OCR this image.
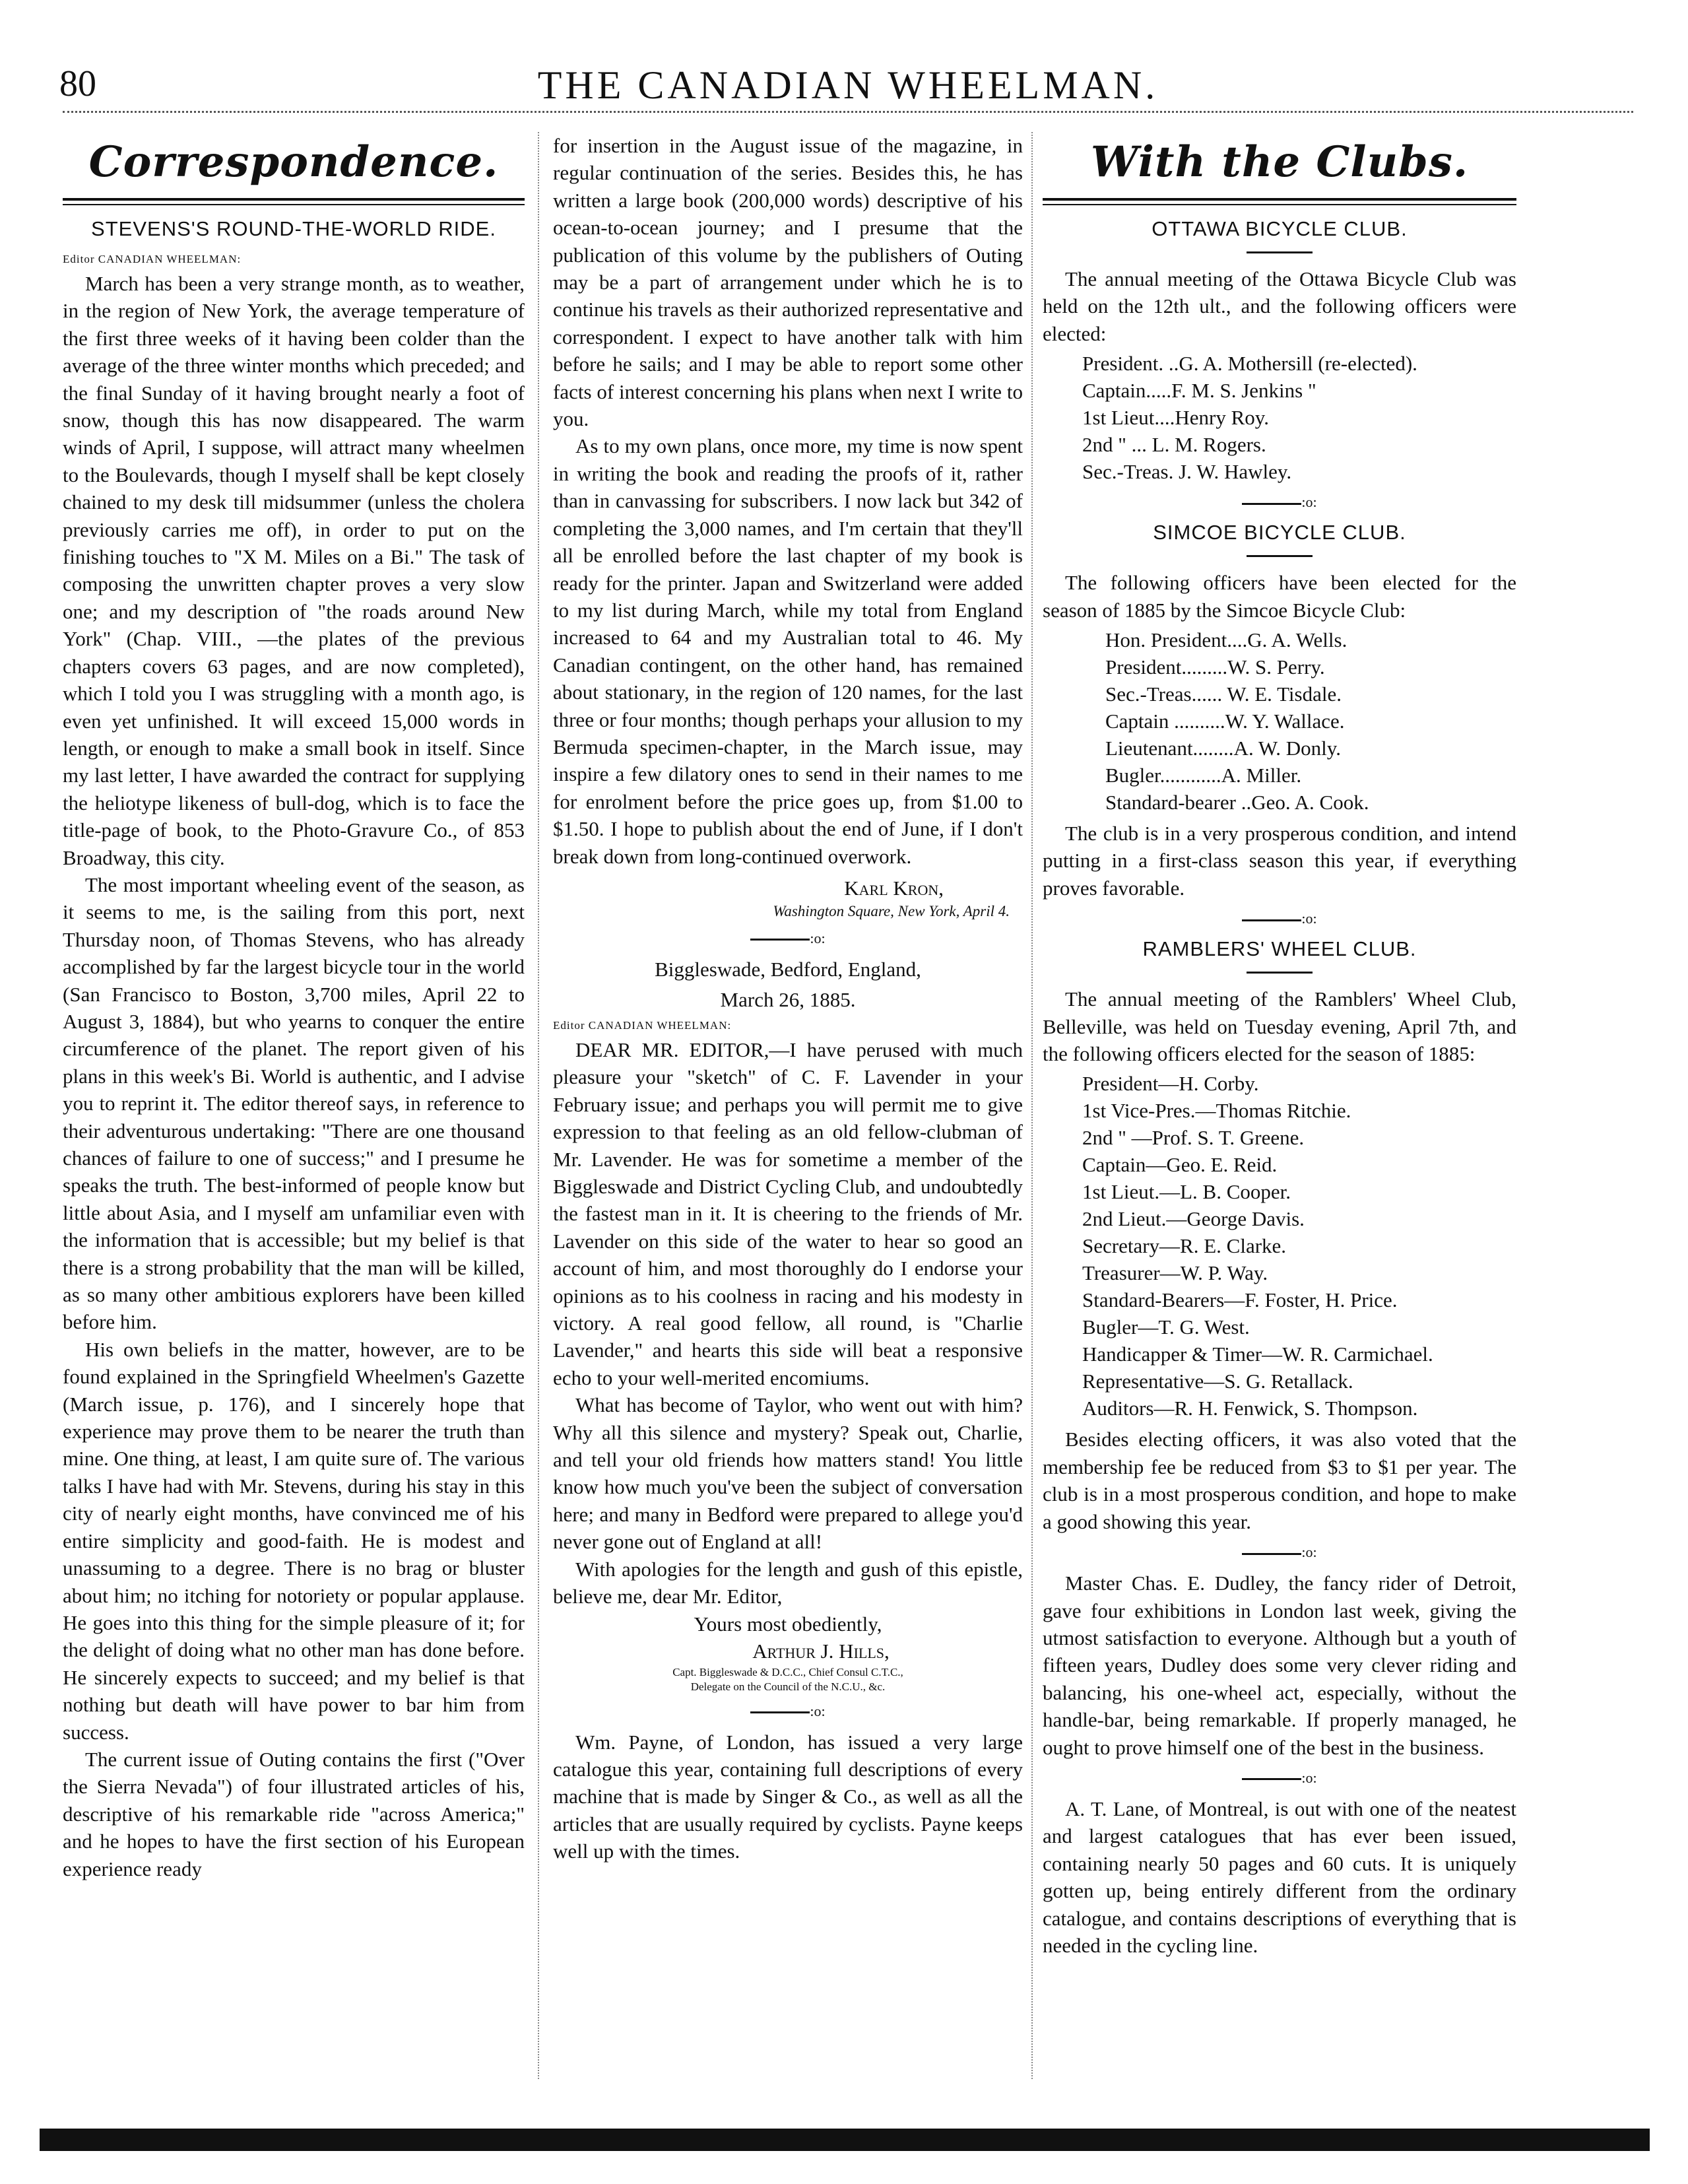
80	THE CANADIAN WHEELMAN.
Correspondence.
STEVENS'S ROUND-THE-WORLD RIDE.
Editor CANADIAN WHEELMAN:

March has been a very strange month, as to weather, in the region of New York, the average temperature of the first three weeks of it having been colder than the average of the three winter months which preceded; and the final Sunday of it having brought nearly a foot of snow, though this has now disappeared. The warm winds of April, I suppose, will attract many wheelmen to the Boulevards, though I myself shall be kept closely chained to my desk till midsummer (unless the cholera previously carries me off), in order to put on the finishing touches to "X M. Miles on a Bi." The task of composing the unwritten chapter proves a very slow one; and my description of "the roads around New York" (Chap. VIII., —the plates of the previous chapters covers 63 pages, and are now completed), which I told you I was struggling with a month ago, is even yet unfinished. It will exceed 15,000 words in length, or enough to make a small book in itself. Since my last letter, I have awarded the contract for supplying the heliotype likeness of bull-dog, which is to face the title-page of book, to the Photo-Gravure Co., of 853 Broadway, this city.

The most important wheeling event of the season, as it seems to me, is the sailing from this port, next Thursday noon, of Thomas Stevens, who has already accomplished by far the largest bicycle tour in the world (San Francisco to Boston, 3,700 miles, April 22 to August 3, 1884), but who yearns to conquer the entire circumference of the planet. The report given of his plans in this week's Bi. World is authentic, and I advise you to reprint it. The editor thereof says, in reference to their adventurous undertaking: "There are one thousand chances of failure to one of success;" and I presume he speaks the truth. The best-informed of people know but little about Asia, and I myself am unfamiliar even with the information that is accessible; but my belief is that there is a strong probability that the man will be killed, as so many other ambitious explorers have been killed before him.

His own beliefs in the matter, however, are to be found explained in the Springfield Wheelmen's Gazette (March issue, p. 176), and I sincerely hope that experience may prove them to be nearer the truth than mine. One thing, at least, I am quite sure of. The various talks I have had with Mr. Stevens, during his stay in this city of nearly eight months, have convinced me of his entire simplicity and good-faith. He is modest and unassuming to a degree. There is no brag or bluster about him; no itching for notoriety or popular applause. He goes into this thing for the simple pleasure of it; for the delight of doing what no other man has done before. He sincerely expects to succeed; and my belief is that nothing but death will have power to bar him from success.

The current issue of Outing contains the first ("Over the Sierra Nevada") of four illustrated articles of his, descriptive of his remarkable ride "across America;" and he hopes to have the first section of his European experience ready

for insertion in the August issue of the magazine, in regular continuation of the series. Besides this, he has written a large book (200,000 words) descriptive of his ocean-to-ocean journey; and I presume that the publication of this volume by the publishers of Outing may be a part of arrangement under which he is to continue his travels as their authorized representative and correspondent. I expect to have another talk with him before he sails; and I may be able to report some other facts of interest concerning his plans when next I write to you.

As to my own plans, once more, my time is now spent in writing the book and reading the proofs of it, rather than in canvassing for subscribers. I now lack but 342 of completing the 3,000 names, and I'm certain that they'll all be enrolled before the last chapter of my book is ready for the printer. Japan and Switzerland were added to my list during March, while my total from England increased to 64 and my Australian total to 46. My Canadian contingent, on the other hand, has remained about stationary, in the region of 120 names, for the last three or four months; though perhaps your allusion to my Bermuda specimen-chapter, in the March issue, may inspire a few dilatory ones to send in their names to me for enrolment before the price goes up, from $1.00 to $1.50. I hope to publish about the end of June, if I don't break down from long-continued overwork.

Karl Kron,
Washington Square, New York, April 4.
:o:
Biggleswade, Bedford, England,
March 26, 1885.
Editor CANADIAN WHEELMAN:

DEAR MR. EDITOR,—I have perused with much pleasure your "sketch" of C. F. Lavender in your February issue; and perhaps you will permit me to give expression to that feeling as an old fellow-clubman of Mr. Lavender. He was for sometime a member of the Biggleswade and District Cycling Club, and undoubtedly the fastest man in it. It is cheering to the friends of Mr. Lavender on this side of the water to hear so good an account of him, and most thoroughly do I endorse your opinions as to his coolness in racing and his modesty in victory. A real good fellow, all round, is "Charlie Lavender," and hearts this side will beat a responsive echo to your well-merited encomiums.

What has become of Taylor, who went out with him? Why all this silence and mystery? Speak out, Charlie, and tell your old friends how matters stand! You little know how much you've been the subject of conversation here; and many in Bedford were prepared to allege you'd never gone out of England at all!

With apologies for the length and gush of this epistle, believe me, dear Mr. Editor,

Yours most obediently,
Arthur J. Hills,
Capt. Biggleswade & D.C.C., Chief Consul C.T.C.,
Delegate on the Council of the N.C.U., &c.
:o:

Wm. Payne, of London, has issued a very large catalogue this year, containing full descriptions of every machine that is made by Singer & Co., as well as all the articles that are usually required by cyclists. Payne keeps well up with the times.

With the Clubs.
OTTAWA BICYCLE CLUB.

The annual meeting of the Ottawa Bicycle Club was held on the 12th ult., and the following officers were elected:

President. ..G. A. Mothersill (re-elected).
Captain.....F. M. S. Jenkins "
1st Lieut....Henry Roy.
2nd " ... L. M. Rogers.
Sec.-Treas. J. W. Hawley.
:o:
SIMCOE BICYCLE CLUB.

The following officers have been elected for the season of 1885 by the Simcoe Bicycle Club:

Hon. President....G. A. Wells.
President.........W. S. Perry.
Sec.-Treas...... W. E. Tisdale.
Captain ..........W. Y. Wallace.
Lieutenant........A. W. Donly.
Bugler............A. Miller.
Standard-bearer ..Geo. A. Cook.

The club is in a very prosperous condition, and intend putting in a first-class season this year, if everything proves favorable.

:o:
RAMBLERS' WHEEL CLUB.

The annual meeting of the Ramblers' Wheel Club, Belleville, was held on Tuesday evening, April 7th, and the following officers elected for the season of 1885:

President—H. Corby.
1st Vice-Pres.—Thomas Ritchie.
2nd " —Prof. S. T. Greene.
Captain—Geo. E. Reid.
1st Lieut.—L. B. Cooper.
2nd Lieut.—George Davis.
Secretary—R. E. Clarke.
Treasurer—W. P. Way.
Standard-Bearers—F. Foster, H. Price.
Bugler—T. G. West.
Handicapper & Timer—W. R. Carmichael.
Representative—S. G. Retallack.
Auditors—R. H. Fenwick, S. Thompson.

Besides electing officers, it was also voted that the membership fee be reduced from $3 to $1 per year. The club is in a most prosperous condition, and hope to make a good showing this year.

:o:

Master Chas. E. Dudley, the fancy rider of Detroit, gave four exhibitions in London last week, giving the utmost satisfaction to everyone. Although but a youth of fifteen years, Dudley does some very clever riding and balancing, his one-wheel act, especially, without the handle-bar, being remarkable. If properly managed, he ought to prove himself one of the best in the business.

:o:

A. T. Lane, of Montreal, is out with one of the neatest and largest catalogues that has ever been issued, containing nearly 50 pages and 60 cuts. It is uniquely gotten up, being entirely different from the ordinary catalogue, and contains descriptions of everything that is needed in the cycling line.
